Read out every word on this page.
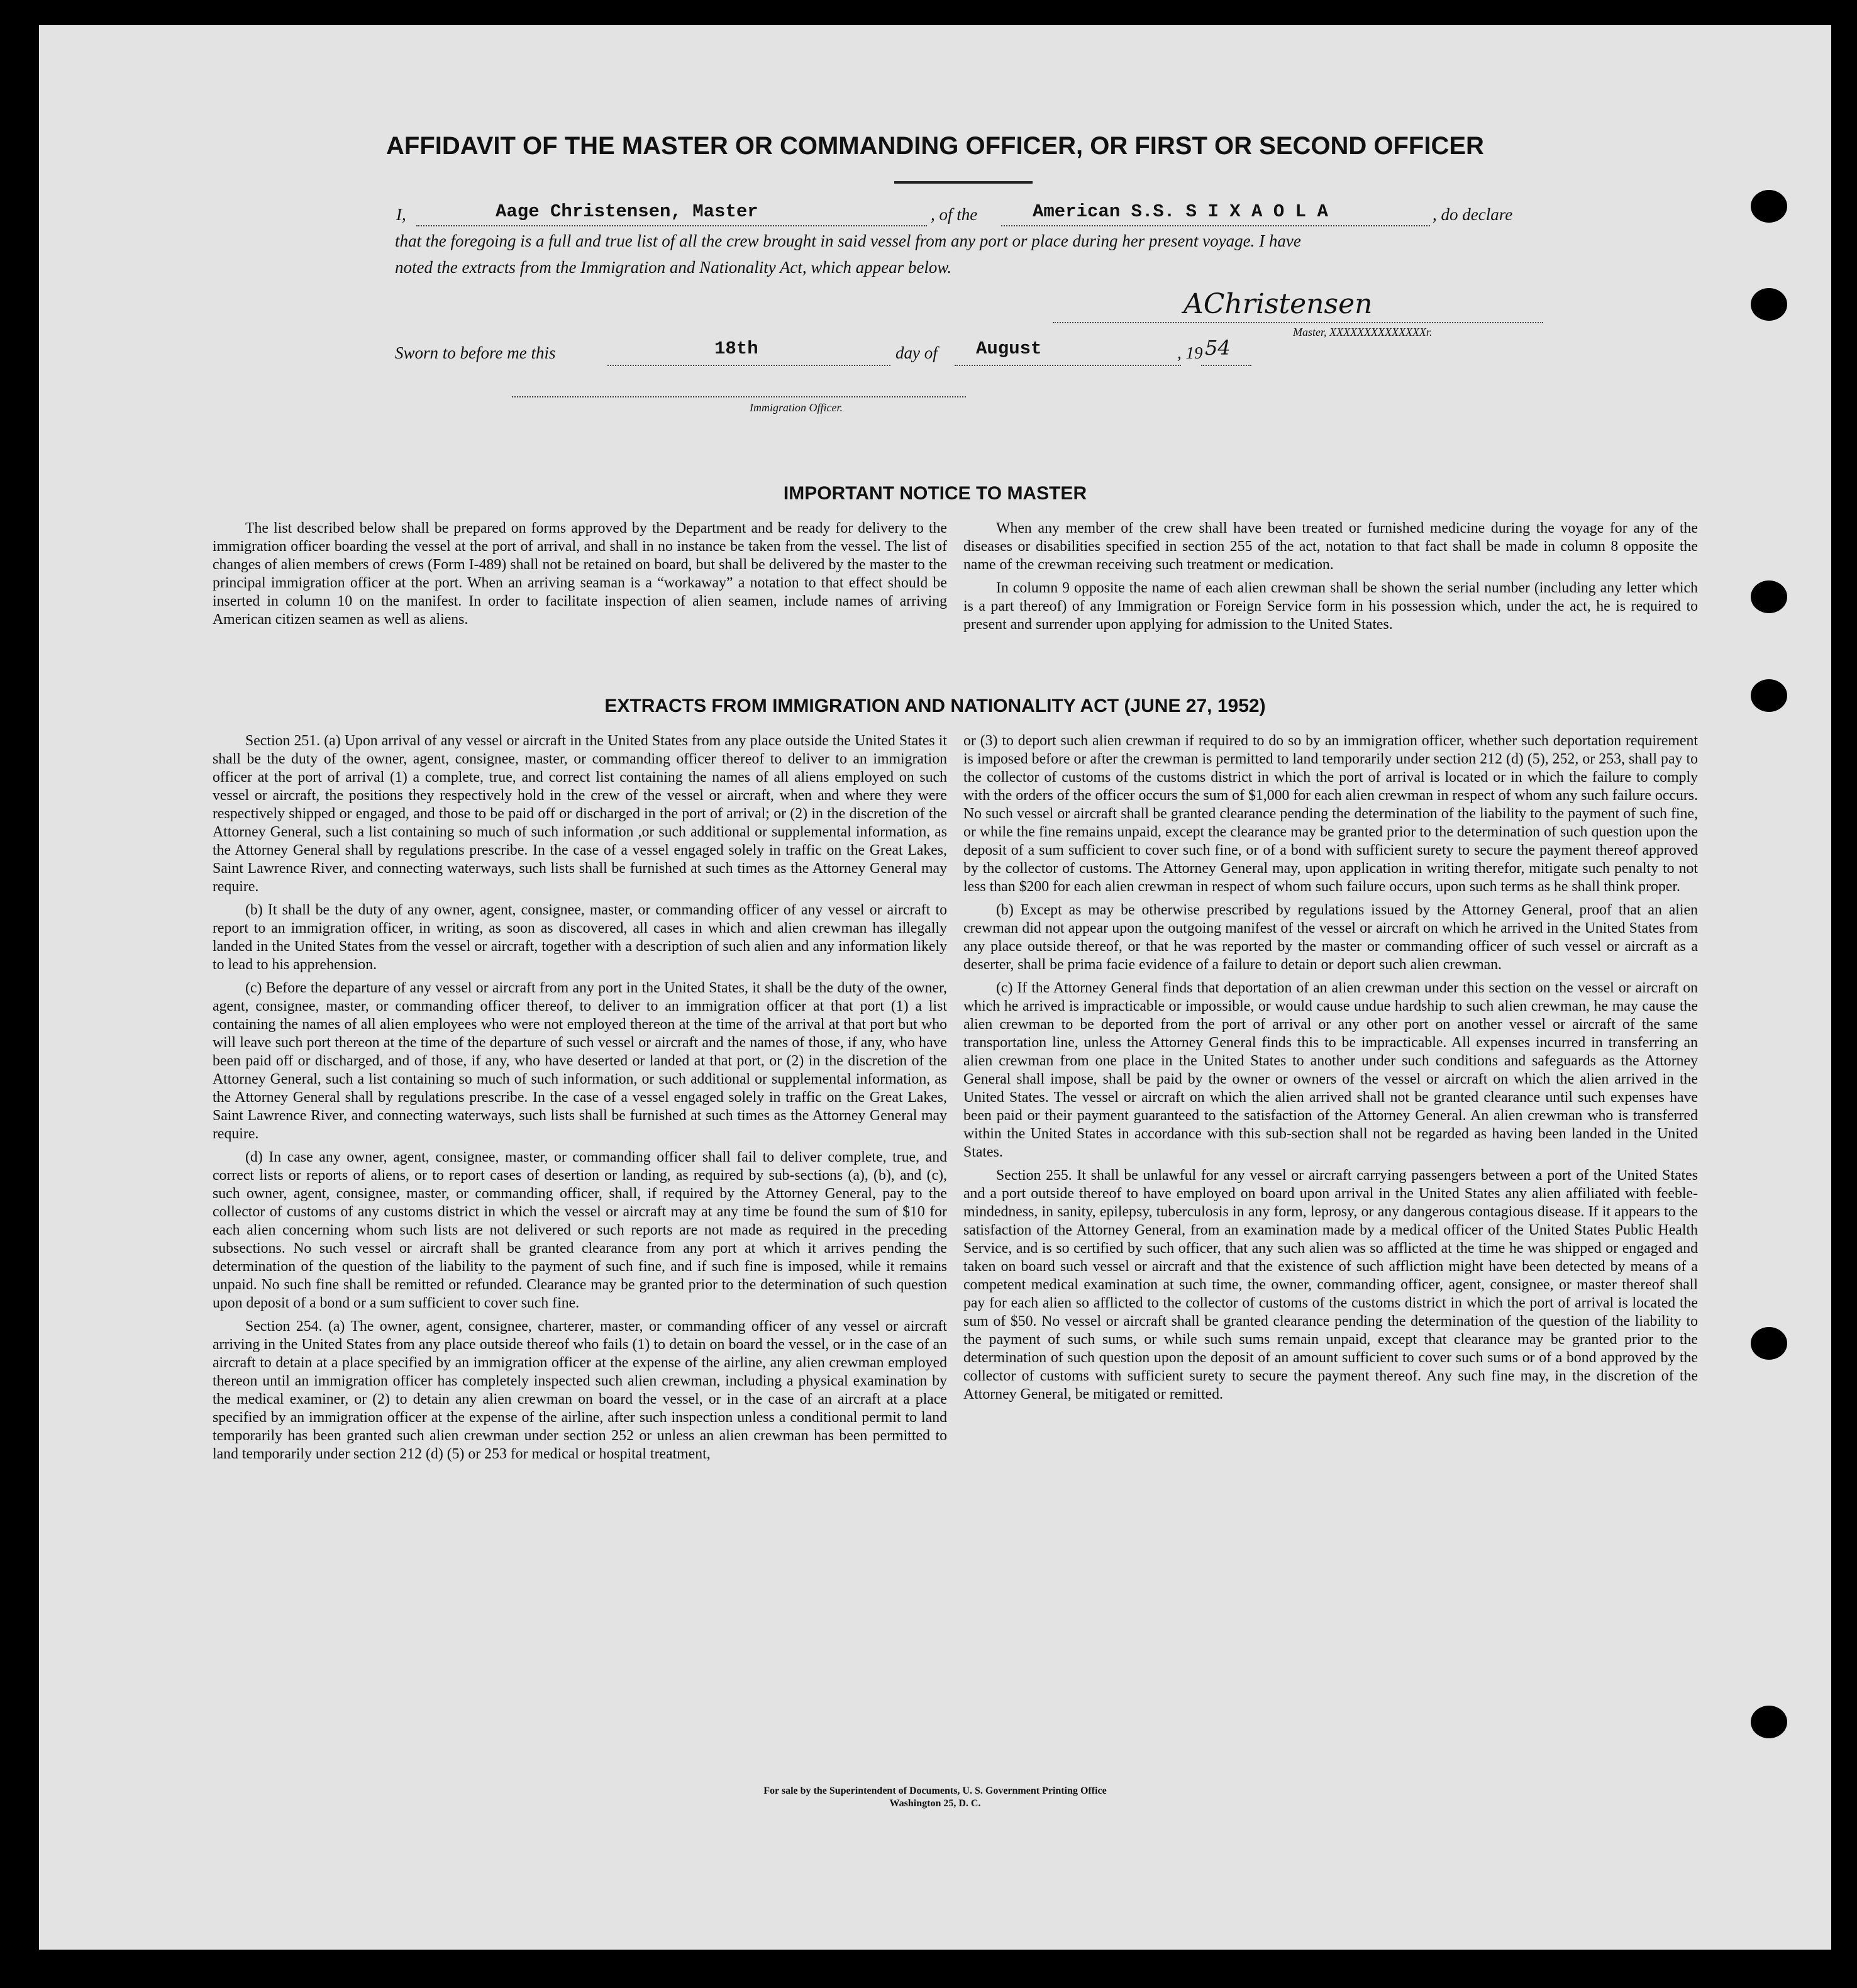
AFFIDAVIT OF THE MASTER OR COMMANDING OFFICER, OR FIRST OR SECOND OFFICER
I,	Aage Christensen, Master	, of the	American S.S. S I X A O L A	, do declare
that the foregoing is a full and true list of all the crew brought in said vessel from any port or place during her present voyage. I have
noted the extracts from the Immigration and Nationality Act, which appear below.
AChristensen
Master, XXXXXXXXXXXXXXr.
Sworn to before me this	18th	day of August	, 19 54
Immigration Officer.
IMPORTANT NOTICE TO MASTER

The list described below shall be prepared on forms approved by the Department and be ready for delivery to the immigration officer boarding the vessel at the port of arrival, and shall in no instance be taken from the vessel. The list of changes of alien members of crews (Form I-489) shall not be retained on board, but shall be delivered by the master to the principal immigration officer at the port. When an arriving seaman is a “workaway” a notation to that effect should be inserted in column 10 on the manifest. In order to facilitate inspection of alien seamen, include names of arriving American citizen seamen as well as aliens.

When any member of the crew shall have been treated or furnished medicine during the voyage for any of the diseases or disabilities specified in section 255 of the act, notation to that fact shall be made in column 8 opposite the name of the crewman receiving such treatment or medication.

In column 9 opposite the name of each alien crewman shall be shown the serial number (including any letter which is a part thereof) of any Immigration or Foreign Service form in his possession which, under the act, he is required to present and surrender upon applying for admission to the United States.

EXTRACTS FROM IMMIGRATION AND NATIONALITY ACT (JUNE 27, 1952)

Section 251. (a) Upon arrival of any vessel or aircraft in the United States from any place outside the United States it shall be the duty of the owner, agent, consignee, master, or commanding officer thereof to deliver to an immigration officer at the port of arrival (1) a complete, true, and correct list containing the names of all aliens employed on such vessel or aircraft, the positions they respectively hold in the crew of the vessel or aircraft, when and where they were respectively shipped or engaged, and those to be paid off or discharged in the port of arrival; or (2) in the discretion of the Attorney General, such a list containing so much of such information ,or such additional or supplemental information, as the Attorney General shall by regulations prescribe. In the case of a vessel engaged solely in traffic on the Great Lakes, Saint Lawrence River, and connecting waterways, such lists shall be furnished at such times as the Attorney General may require.

(b) It shall be the duty of any owner, agent, consignee, master, or commanding officer of any vessel or aircraft to report to an immigration officer, in writing, as soon as discovered, all cases in which and alien crewman has illegally landed in the United States from the vessel or aircraft, together with a description of such alien and any information likely to lead to his apprehension.

(c) Before the departure of any vessel or aircraft from any port in the United States, it shall be the duty of the owner, agent, consignee, master, or commanding officer thereof, to deliver to an immigration officer at that port (1) a list containing the names of all alien employees who were not employed thereon at the time of the arrival at that port but who will leave such port thereon at the time of the departure of such vessel or aircraft and the names of those, if any, who have been paid off or discharged, and of those, if any, who have deserted or landed at that port, or (2) in the discretion of the Attorney General, such a list containing so much of such information, or such additional or supplemental information, as the Attorney General shall by regulations prescribe. In the case of a vessel engaged solely in traffic on the Great Lakes, Saint Lawrence River, and connecting waterways, such lists shall be furnished at such times as the Attorney General may require.

(d) In case any owner, agent, consignee, master, or commanding officer shall fail to deliver complete, true, and correct lists or reports of aliens, or to report cases of desertion or landing, as required by sub-sections (a), (b), and (c), such owner, agent, consignee, master, or commanding officer, shall, if required by the Attorney General, pay to the collector of customs of any customs district in which the vessel or aircraft may at any time be found the sum of $10 for each alien concerning whom such lists are not delivered or such reports are not made as required in the preceding subsections. No such vessel or aircraft shall be granted clearance from any port at which it arrives pending the determination of the question of the liability to the payment of such fine, and if such fine is imposed, while it remains unpaid. No such fine shall be remitted or refunded. Clearance may be granted prior to the determination of such question upon deposit of a bond or a sum sufficient to cover such fine.

Section 254. (a) The owner, agent, consignee, charterer, master, or commanding officer of any vessel or aircraft arriving in the United States from any place outside thereof who fails (1) to detain on board the vessel, or in the case of an aircraft to detain at a place specified by an immigration officer at the expense of the airline, any alien crewman employed thereon until an immigration officer has completely inspected such alien crewman, including a physical examination by the medical examiner, or (2) to detain any alien crewman on board the vessel, or in the case of an aircraft at a place specified by an immigration officer at the expense of the airline, after such inspection unless a conditional permit to land temporarily has been granted such alien crewman under section 252 or unless an alien crewman has been permitted to land temporarily under section 212 (d) (5) or 253 for medical or hospital treatment,

or (3) to deport such alien crewman if required to do so by an immigration officer, whether such deportation requirement is imposed before or after the crewman is permitted to land temporarily under section 212 (d) (5), 252, or 253, shall pay to the collector of customs of the customs district in which the port of arrival is located or in which the failure to comply with the orders of the officer occurs the sum of $1,000 for each alien crewman in respect of whom any such failure occurs. No such vessel or aircraft shall be granted clearance pending the determination of the liability to the payment of such fine, or while the fine remains unpaid, except the clearance may be granted prior to the determination of such question upon the deposit of a sum sufficient to cover such fine, or of a bond with sufficient surety to secure the payment thereof approved by the collector of customs. The Attorney General may, upon application in writing therefor, mitigate such penalty to not less than $200 for each alien crewman in respect of whom such failure occurs, upon such terms as he shall think proper.

(b) Except as may be otherwise prescribed by regulations issued by the Attorney General, proof that an alien crewman did not appear upon the outgoing manifest of the vessel or aircraft on which he arrived in the United States from any place outside thereof, or that he was reported by the master or commanding officer of such vessel or aircraft as a deserter, shall be prima facie evidence of a failure to detain or deport such alien crewman.

(c) If the Attorney General finds that deportation of an alien crewman under this section on the vessel or aircraft on which he arrived is impracticable or impossible, or would cause undue hardship to such alien crewman, he may cause the alien crewman to be deported from the port of arrival or any other port on another vessel or aircraft of the same transportation line, unless the Attorney General finds this to be impracticable. All expenses incurred in transferring an alien crewman from one place in the United States to another under such conditions and safeguards as the Attorney General shall impose, shall be paid by the owner or owners of the vessel or aircraft on which the alien arrived in the United States. The vessel or aircraft on which the alien arrived shall not be granted clearance until such expenses have been paid or their payment guaranteed to the satisfaction of the Attorney General. An alien crewman who is transferred within the United States in accordance with this sub-section shall not be regarded as having been landed in the United States.

Section 255. It shall be unlawful for any vessel or aircraft carrying passengers between a port of the United States and a port outside thereof to have employed on board upon arrival in the United States any alien affiliated with feeble-mindedness, in sanity, epilepsy, tuberculosis in any form, leprosy, or any dangerous contagious disease. If it appears to the satisfaction of the Attorney General, from an examination made by a medical officer of the United States Public Health Service, and is so certified by such officer, that any such alien was so afflicted at the time he was shipped or engaged and taken on board such vessel or aircraft and that the existence of such affliction might have been detected by means of a competent medical examination at such time, the owner, commanding officer, agent, consignee, or master thereof shall pay for each alien so afflicted to the collector of customs of the customs district in which the port of arrival is located the sum of $50. No vessel or aircraft shall be granted clearance pending the determination of the question of the liability to the payment of such sums, or while such sums remain unpaid, except that clearance may be granted prior to the determination of such question upon the deposit of an amount sufficient to cover such sums or of a bond approved by the collector of customs with sufficient surety to secure the payment thereof. Any such fine may, in the discretion of the Attorney General, be mitigated or remitted.

For sale by the Superintendent of Documents, U. S. Government Printing Office
Washington 25, D. C.
